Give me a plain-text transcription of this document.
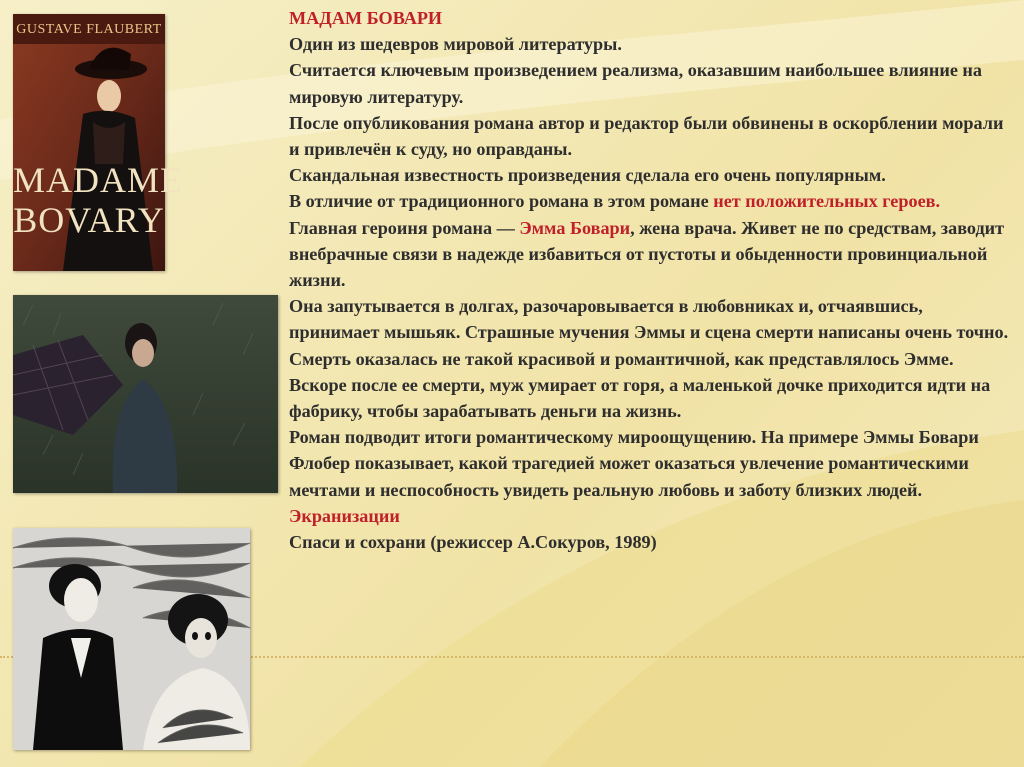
GUSTAVE FLAUBERT
MADAME
BOVARY

МАДАМ БОВАРИ

Один из шедевров мировой литературы.

Считается ключевым произведением реализма, оказавшим наибольшее влияние на мировую литературу.

После опубликования романа автор и редактор были обвинены в оскорблении морали и привлечён к суду, но оправданы.

Скандальная известность произведения сделала его очень популярным.

В отличие от традиционного романа в этом романе нет положительных героев.

Главная героиня романа — Эмма Бовари, жена врача. Живет не по средствам, заводит внебрачные связи в надежде избавиться от пустоты и обыденности провинциальной жизни.

Она запутывается в долгах, разочаровывается в любовниках и, отчаявшись, принимает мышьяк. Страшные мучения Эммы и сцена смерти написаны очень точно. Смерть оказалась не такой красивой и романтичной, как представлялось Эмме.

Вскоре после ее смерти, муж умирает от горя, а маленькой дочке приходится идти на фабрику, чтобы зарабатывать деньги на жизнь.

Роман подводит итоги романтическому мироощущению. На примере Эммы Бовари Флобер показывает, какой трагедией может оказаться увлечение романтическими мечтами и неспособность увидеть реальную любовь и заботу близких людей.

Экранизации

Спаси и сохрани (режиссер А.Сокуров, 1989)
